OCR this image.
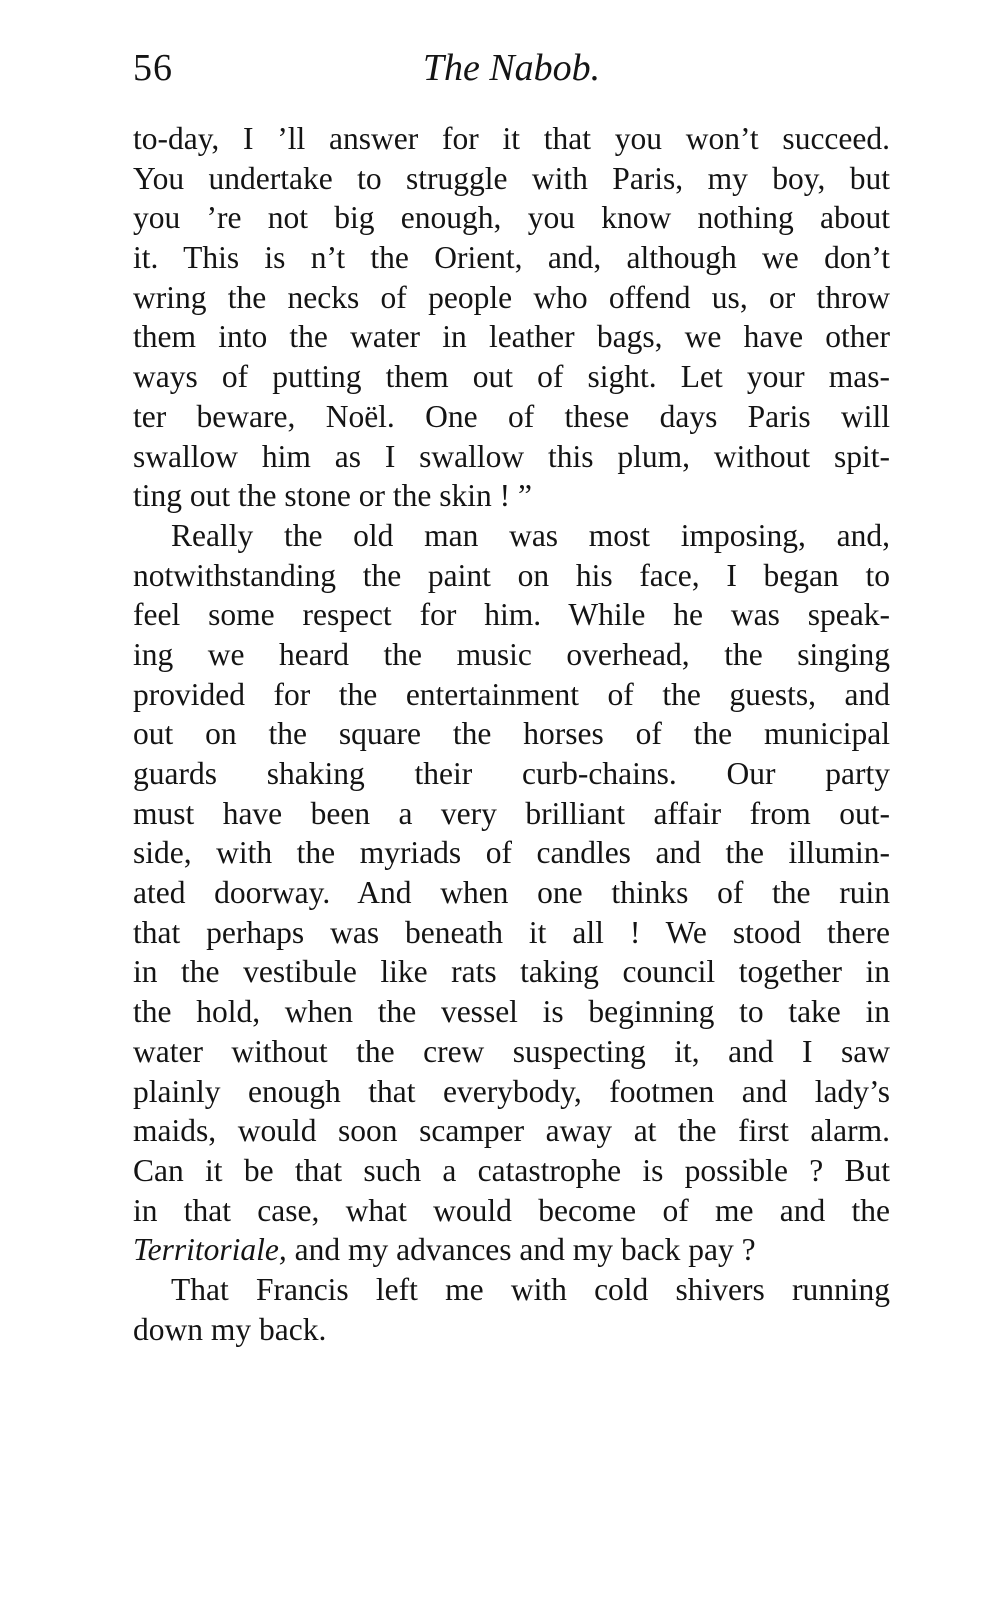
56	The Nabob.
to-day, I ’ll answer for it that you won’t succeed.
You undertake to struggle with Paris, my boy, but
you ’re not big enough, you know nothing about
it. This is n’t the Orient, and, although we don’t
wring the necks of people who offend us, or throw
them into the water in leather bags, we have other
ways of putting them out of sight. Let your mas-
ter beware, Noël. One of these days Paris will
swallow him as I swallow this plum, without spit-
ting out the stone or the skin ! ”
Really the old man was most imposing, and,
notwithstanding the paint on his face, I began to
feel some respect for him. While he was speak-
ing we heard the music overhead, the singing
provided for the entertainment of the guests, and
out on the square the horses of the municipal
guards shaking their curb-chains. Our party
must have been a very brilliant affair from out-
side, with the myriads of candles and the illumin-
ated doorway. And when one thinks of the ruin
that perhaps was beneath it all ! We stood there
in the vestibule like rats taking council together in
the hold, when the vessel is beginning to take in
water without the crew suspecting it, and I saw
plainly enough that everybody, footmen and lady’s
maids, would soon scamper away at the first alarm.
Can it be that such a catastrophe is possible ? But
in that case, what would become of me and the
Territoriale, and my advances and my back pay ?
That Francis left me with cold shivers running
down my back.
